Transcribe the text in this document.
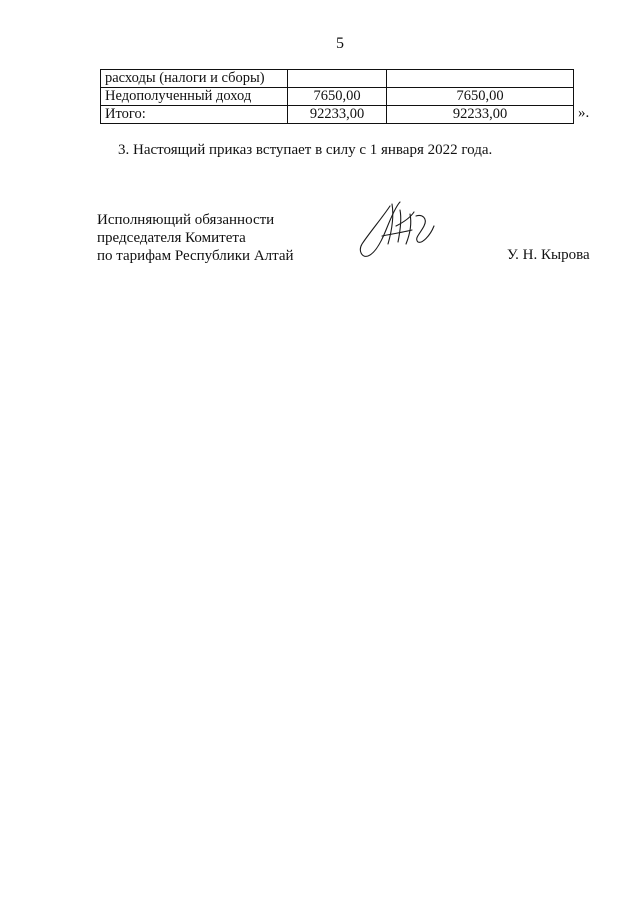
5
расходы (налоги и сборы)		
Недополученный доход	7650,00	7650,00
Итого:	92233,00	92233,00	».
3. Настоящий приказ вступает в силу с 1 января 2022 года.
Исполняющий обязанности
председателя Комитета
по тарифам Республики Алтай	У. Н. Кырова
